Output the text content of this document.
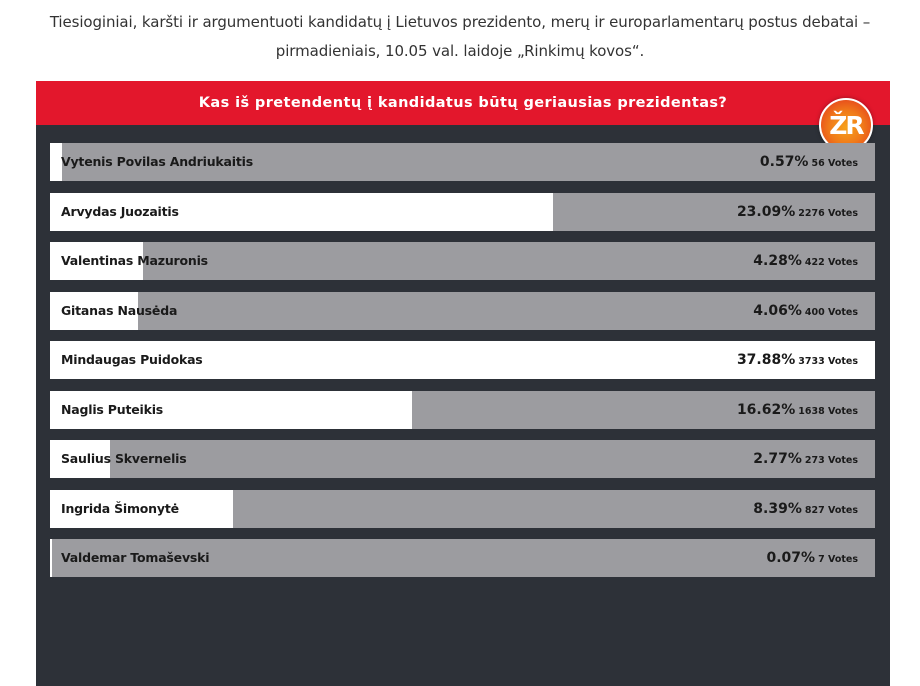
Tiesioginiai, karšti ir argumentuoti kandidatų į Lietuvos prezidento, merų ir europarlamentarų postus debatai –
pirmadieniais, 10.05 val. laidoje „Rinkimų kovos“.
Kas iš pretendentų į kandidatus būtų geriausias prezidentas?
ŽR
Vytenis Povilas Andriukaitis	0.57% 56 Votes
Arvydas Juozaitis	23.09% 2276 Votes
Valentinas Mazuronis	4.28% 422 Votes
Gitanas Nausėda	4.06% 400 Votes
Mindaugas Puidokas	37.88% 3733 Votes
Naglis Puteikis	16.62% 1638 Votes
Saulius Skvernelis	2.77% 273 Votes
Ingrida Šimonytė	8.39% 827 Votes
Valdemar Tomaševski	0.07% 7 Votes
